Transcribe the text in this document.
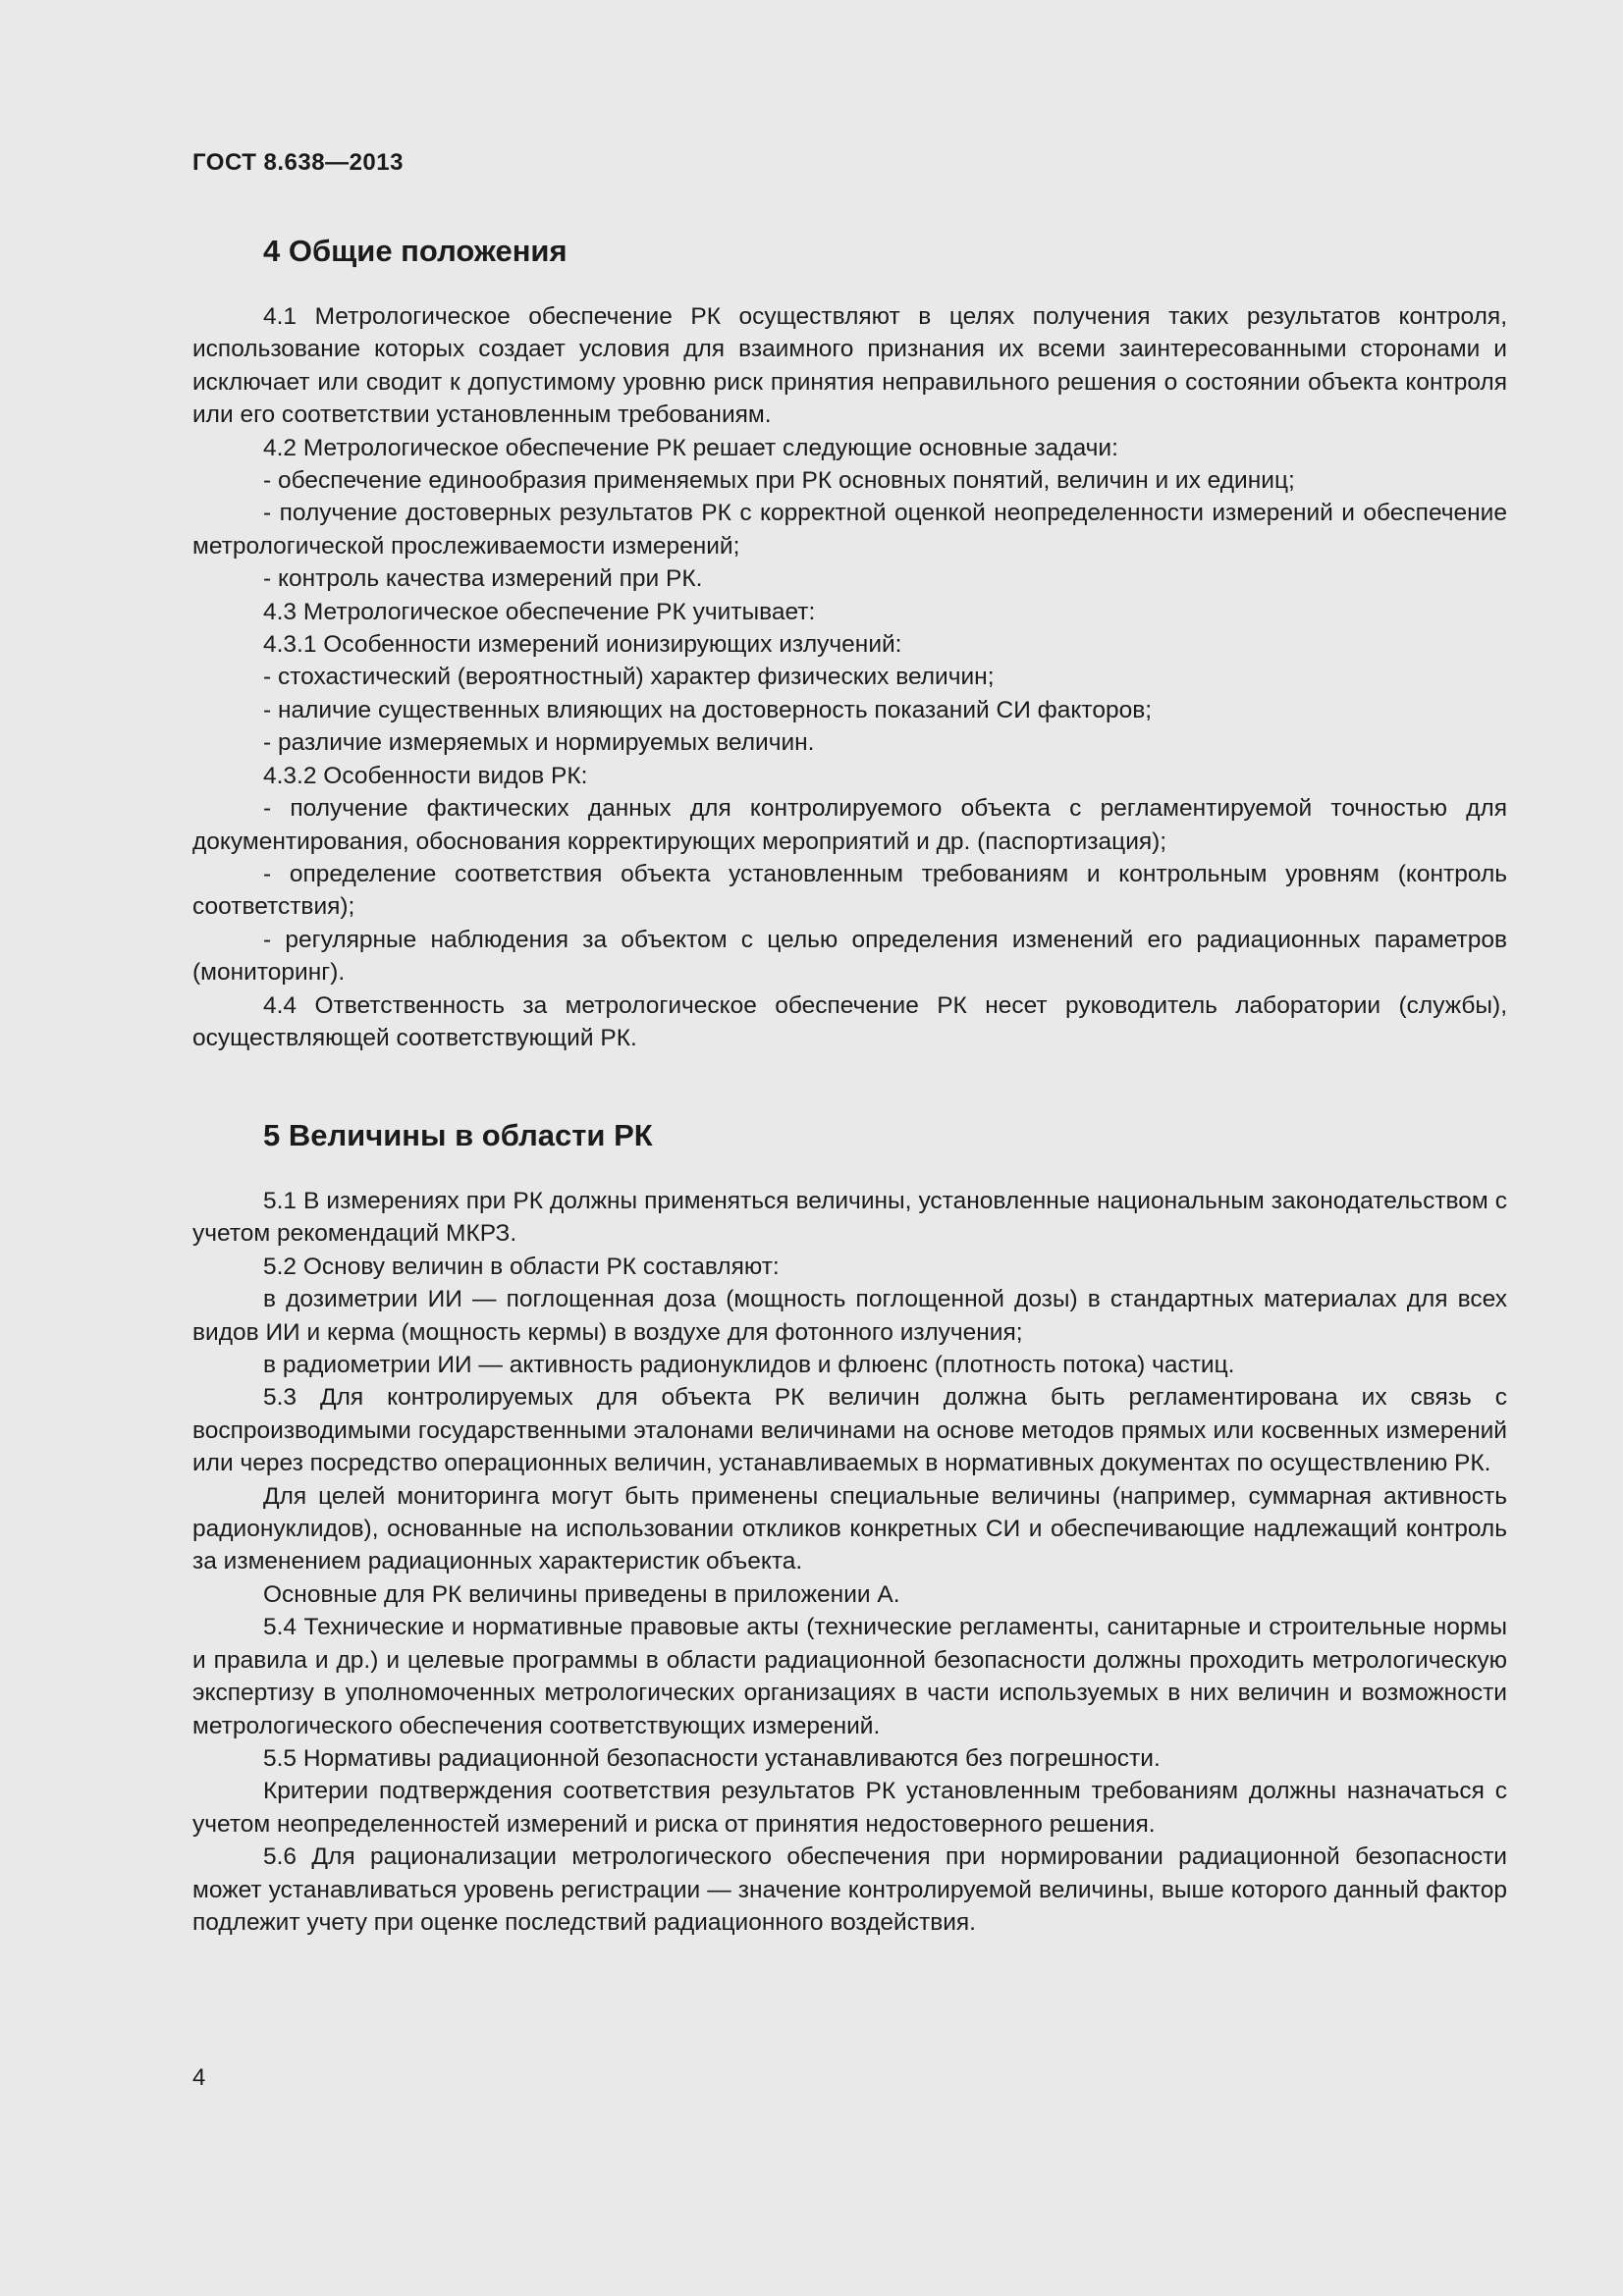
ГОСТ 8.638—2013

4 Общие положения

4.1 Метрологическое обеспечение РК осуществляют в целях получения таких результатов контроля, использование которых создает условия для взаимного признания их всеми заинтересованными сторонами и исключает или сводит к допустимому уровню риск принятия неправильного решения о состоянии объекта контроля или его соответствии установленным требованиям.

4.2 Метрологическое обеспечение РК решает следующие основные задачи:

- обеспечение единообразия применяемых при РК основных понятий, величин и их единиц;

- получение достоверных результатов РК с корректной оценкой неопределенности измерений и обеспечение метрологической прослеживаемости измерений;

- контроль качества измерений при РК.

4.3 Метрологическое обеспечение РК учитывает:

4.3.1 Особенности измерений ионизирующих излучений:

- стохастический (вероятностный) характер физических величин;

- наличие существенных влияющих на достоверность показаний СИ факторов;

- различие измеряемых и нормируемых величин.

4.3.2 Особенности видов РК:

- получение фактических данных для контролируемого объекта с регламентируемой точностью для документирования, обоснования корректирующих мероприятий и др. (паспортизация);

- определение соответствия объекта установленным требованиям и контрольным уровням (контроль соответствия);

- регулярные наблюдения за объектом с целью определения изменений его радиационных параметров (мониторинг).

4.4 Ответственность за метрологическое обеспечение РК несет руководитель лаборатории (службы), осуществляющей соответствующий РК.

5 Величины в области РК

5.1 В измерениях при РК должны применяться величины, установленные национальным законодательством с учетом рекомендаций МКРЗ.

5.2 Основу величин в области РК составляют:

в дозиметрии ИИ — поглощенная доза (мощность поглощенной дозы) в стандартных материалах для всех видов ИИ и керма (мощность кермы) в воздухе для фотонного излучения;

в радиометрии ИИ — активность радионуклидов и флюенс (плотность потока) частиц.

5.3 Для контролируемых для объекта РК величин должна быть регламентирована их связь с воспроизводимыми государственными эталонами величинами на основе методов прямых или косвенных измерений или через посредство операционных величин, устанавливаемых в нормативных документах по осуществлению РК.

Для целей мониторинга могут быть применены специальные величины (например, суммарная активность радионуклидов), основанные на использовании откликов конкретных СИ и обеспечивающие надлежащий контроль за изменением радиационных характеристик объекта.

Основные для РК величины приведены в приложении А.

5.4 Технические и нормативные правовые акты (технические регламенты, санитарные и строительные нормы и правила и др.) и целевые программы в области радиационной безопасности должны проходить метрологическую экспертизу в уполномоченных метрологических организациях в части используемых в них величин и возможности метрологического обеспечения соответствующих измерений.

5.5 Нормативы радиационной безопасности устанавливаются без погрешности.

Критерии подтверждения соответствия результатов РК установленным требованиям должны назначаться с учетом неопределенностей измерений и риска от принятия недостоверного решения.

5.6 Для рационализации метрологического обеспечения при нормировании радиационной безопасности может устанавливаться уровень регистрации — значение контролируемой величины, выше которого данный фактор подлежит учету при оценке последствий радиационного воздействия.

4
